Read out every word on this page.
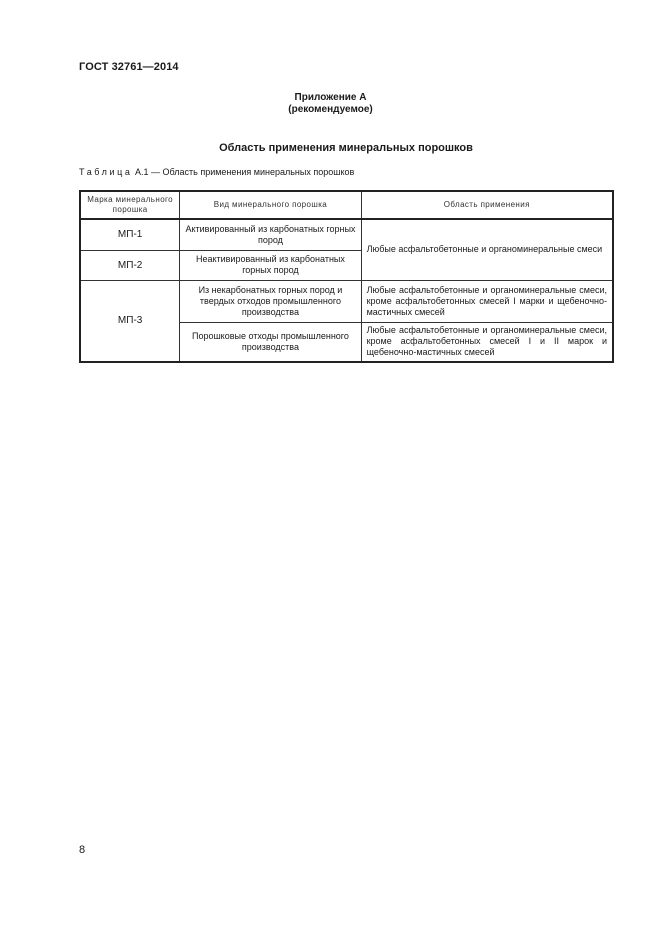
ГОСТ 32761—2014
Приложение А
(рекомендуемое)
Область применения минеральных порошков
Таблица А.1 — Область применения минеральных порошков
Марка минерального порошка	Вид минерального порошка	Область применения
МП-1	Активированный из карбонатных горных пород	Любые асфальтобетонные и органоминеральные смеси
МП-2	Неактивированный из карбонатных горных пород	
МП-3	Из некарбонатных горных пород и твердых отходов промышленного производства	Любые асфальтобетонные и органоминеральные смеси, кроме асфальтобетонных смесей I марки и щебеночно-мастичных смесей
	Порошковые отходы промышленного производства	Любые асфальтобетонные и органоминеральные смеси, кроме асфальтобетонных смесей I и II марок и щебеночно-мастичных смесей
8
